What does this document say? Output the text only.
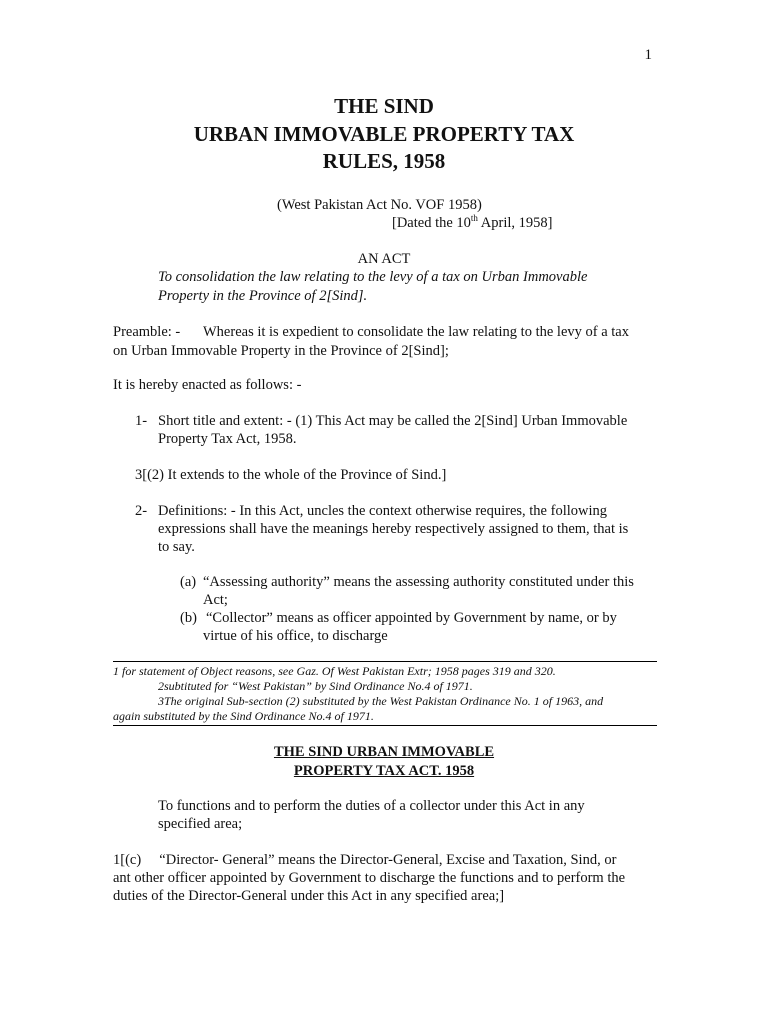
1
THE SIND
URBAN IMMOVABLE PROPERTY TAX
RULES, 1958
(West Pakistan Act No. VOF 1958)
[Dated the 10th April, 1958]
AN ACT
To consolidation the law relating to the levy of a tax on Urban Immovable
Property in the Province of 2[Sind].
Preamble: - Whereas it is expedient to consolidate the law relating to the levy of a tax
on Urban Immovable Property in the Province of 2[Sind];
It is hereby enacted as follows: -
1- Short title and extent: - (1) This Act may be called the 2[Sind] Urban Immovable
Property Tax Act, 1958.
3[(2) It extends to the whole of the Province of Sind.]
2- Definitions: - In this Act, uncles the context otherwise requires, the following
expressions shall have the meanings hereby respectively assigned to them, that is
to say.
(a) “Assessing authority” means the assessing authority constituted under this
Act;
(b) “Collector” means as officer appointed by Government by name, or by
virtue of his office, to discharge
1 for statement of Object reasons, see Gaz. Of West Pakistan Extr; 1958 pages 319 and 320.
2subtituted for “West Pakistan” by Sind Ordinance No.4 of 1971.
3The original Sub-section (2) substituted by the West Pakistan Ordinance No. 1 of 1963, and
again substituted by the Sind Ordinance No.4 of 1971.
THE SIND URBAN IMMOVABLE
PROPERTY TAX ACT. 1958
To functions and to perform the duties of a collector under this Act in any
specified area;
1[(c)     “Director- General” means the Director-General, Excise and Taxation, Sind, or
ant other officer appointed by Government to discharge the functions and to perform the
duties of the Director-General under this Act in any specified area;]
